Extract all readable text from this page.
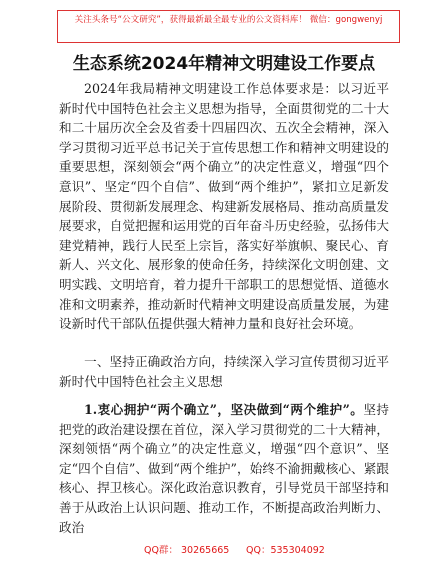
关注头条号“公文研究”，获得最新最全最专业的公文资料库！ 微信：gongwenyj
生态系统2024年精神文明建设工作要点
2024年我局精神文明建设工作总体要求是：以习近平新时代中国特色社会主义思想为指导，全面贯彻党的二十大和二十届历次全会及省委十四届四次、五次全会精神，深入学习贯彻习近平总书记关于宣传思想工作和精神文明建设的重要思想，深刻领会“两个确立”的决定性意义，增强“四个意识”、坚定“四个自信”、做到“两个维护”，紧扣立足新发展阶段、贯彻新发展理念、构建新发展格局、推动高质量发展要求，自觉把握和运用党的百年奋斗历史经验，弘扬伟大建党精神，践行人民至上宗旨，落实好举旗帜、聚民心、育新人、兴文化、展形象的使命任务，持续深化文明创建、文明实践、文明培育，着力提升干部职工的思想觉悟、道德水准和文明素养，推动新时代精神文明建设高质量发展，为建设新时代干部队伍提供强大精神力量和良好社会环境。
一、坚持正确政治方向，持续深入学习宣传贯彻习近平新时代中国特色社会主义思想
1.衷心拥护“两个确立”，坚决做到“两个维护”。坚持把党的政治建设摆在首位，深入学习贯彻党的二十大精神，深刻领悟“两个确立”的决定性意义，增强“四个意识”、坚定“四个自信”、做到“两个维护”，始终不渝拥戴核心、紧跟核心、捍卫核心。深化政治意识教育，引导党员干部坚持和善于从政治上认识问题、推动工作，不断提高政治判断力、政治
QQ群： 30265665 QQ：535304092
